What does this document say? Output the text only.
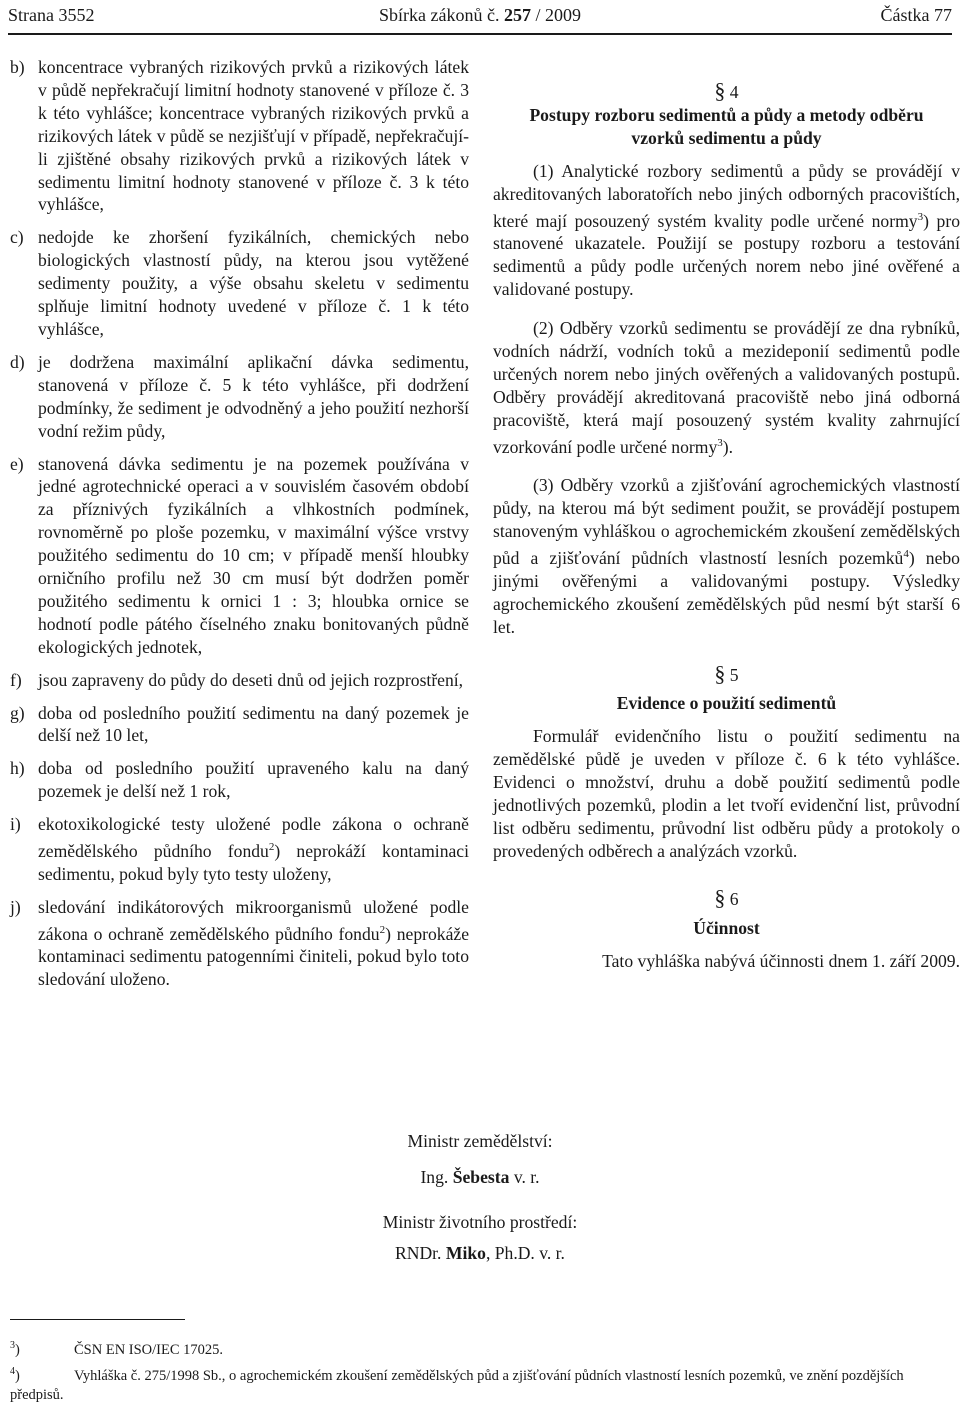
Strana 3552	Sbírka zákonů č. 257 / 2009	Částka 77
b) koncentrace vybraných rizikových prvků a rizikových látek v půdě nepřekračují limitní hodnoty stanovené v příloze č. 3 k této vyhlášce; koncentrace vybraných rizikových prvků a rizikových látek v půdě se nezjišťují v případě, nepřekračují-li zjištěné obsahy rizikových prvků a rizikových látek v sedimentu limitní hodnoty stanovené v příloze č. 3 k této vyhlášce,
c) nedojde ke zhoršení fyzikálních, chemických nebo biologických vlastností půdy, na kterou jsou vytěžené sedimenty použity, a výše obsahu skeletu v sedimentu splňuje limitní hodnoty uvedené v příloze č. 1 k této vyhlášce,
d) je dodržena maximální aplikační dávka sedimentu, stanovená v příloze č. 5 k této vyhlášce, při dodržení podmínky, že sediment je odvodněný a jeho použití nezhorší vodní režim půdy,
e) stanovená dávka sedimentu je na pozemek používána v jedné agrotechnické operaci a v souvislém časovém období za příznivých fyzikálních a vlhkostních podmínek, rovnoměrně po ploše pozemku, v maximální výšce vrstvy použitého sedimentu do 10 cm; v případě menší hloubky orničního profilu než 30 cm musí být dodržen poměr použitého sedimentu k ornici 1 : 3; hloubka ornice se hodnotí podle pátého číselného znaku bonitovaných půdně ekologických jednotek,
f) jsou zapraveny do půdy do deseti dnů od jejich rozprostření,
g) doba od posledního použití sedimentu na daný pozemek je delší než 10 let,
h) doba od posledního použití upraveného kalu na daný pozemek je delší než 1 rok,
i) ekotoxikologické testy uložené podle zákona o ochraně zemědělského půdního fondu$^2$) neprokáží kontaminaci sedimentu, pokud byly tyto testy uloženy,
j) sledování indikátorových mikroorganismů uložené podle zákona o ochraně zemědělského půdního fondu$^2$) neprokáže kontaminaci sedimentu patogenními činiteli, pokud bylo toto sledování uloženo.

§ 4

Postupy rozboru sedimentů a půdy a metody odběru vzorků sedimentu a půdy

(1) Analytické rozbory sedimentů a půdy se provádějí v akreditovaných laboratořích nebo jiných odborných pracovištích, které mají posouzený systém kvality podle určené normy$^3$) pro stanovené ukazatele. Použijí se postupy rozboru a testování sedimentů a půdy podle určených norem nebo jiné ověřené a validované postupy.

(2) Odběry vzorků sedimentu se provádějí ze dna rybníků, vodních nádrží, vodních toků a mezideponií sedimentů podle určených norem nebo jiných ověřených a validovaných postupů. Odběry provádějí akreditovaná pracoviště nebo jiná odborná pracoviště, která mají posouzený systém kvality zahrnující vzorkování podle určené normy$^3$).

(3) Odběry vzorků a zjišťování agrochemických vlastností půdy, na kterou má být sediment použit, se provádějí postupem stanoveným vyhláškou o agrochemickém zkoušení zemědělských půd a zjišťování půdních vlastností lesních pozemků$^4$) nebo jinými ověřenými a validovanými postupy. Výsledky agrochemického zkoušení zemědělských půd nesmí být starší 6 let.

§ 5

Evidence o použití sedimentů

Formulář evidenčního listu o použití sedimentu na zemědělské půdě je uveden v příloze č. 6 k této vyhlášce. Evidenci o množství, druhu a době použití sedimentů podle jednotlivých pozemků, plodin a let tvoří evidenční list, průvodní list odběru sedimentu, průvodní list odběru půdy a protokoly o provedených odběrech a analýzách vzorků.

§ 6

Účinnost

Tato vyhláška nabývá účinnosti dnem 1. září 2009.

Ministr zemědělství:
Ing. Šebesta v. r.
Ministr životního prostředí:
RNDr. Miko, Ph.D. v. r.
$^3$)	ČSN EN ISO/IEC 17025.
$^4$)	Vyhláška č. 275/1998 Sb., o agrochemickém zkoušení zemědělských půd a zjišťování půdních vlastností lesních pozemků, ve znění pozdějších předpisů.
